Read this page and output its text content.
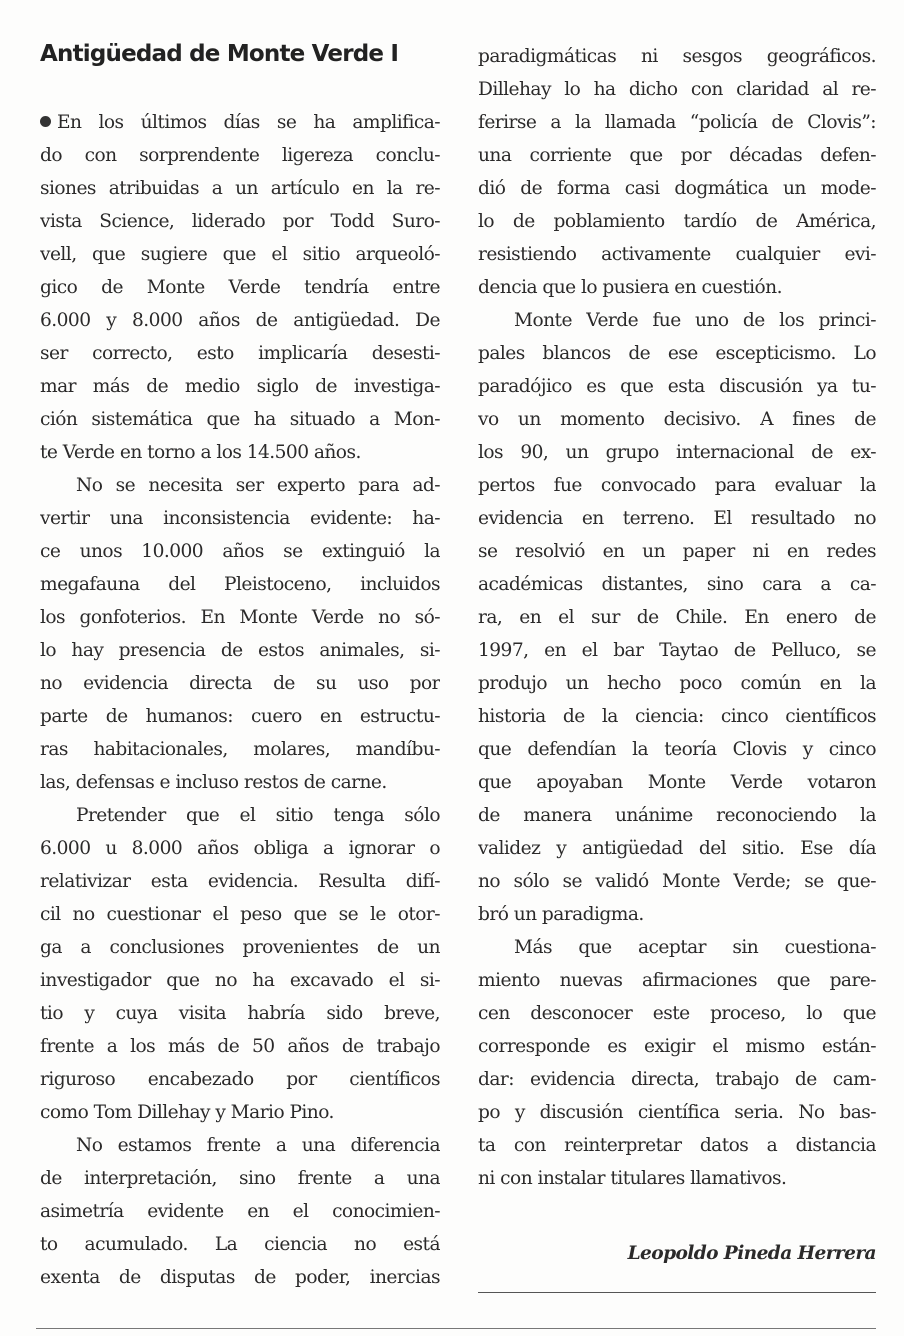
Antigüedad de Monte Verde I
En los últimos días se ha amplifica-
do con sorprendente ligereza conclu-
siones atribuidas a un artículo en la re-
vista Science, liderado por Todd Suro-
vell, que sugiere que el sitio arqueoló-
gico de Monte Verde tendría entre
6.000 y 8.000 años de antigüedad. De
ser correcto, esto implicaría desesti-
mar más de medio siglo de investiga-
ción sistemática que ha situado a Mon-
te Verde en torno a los 14.500 años.
No se necesita ser experto para ad-
vertir una inconsistencia evidente: ha-
ce unos 10.000 años se extinguió la
megafauna del Pleistoceno, incluidos
los gonfoterios. En Monte Verde no só-
lo hay presencia de estos animales, si-
no evidencia directa de su uso por
parte de humanos: cuero en estructu-
ras habitacionales, molares, mandíbu-
las, defensas e incluso restos de carne.
Pretender que el sitio tenga sólo
6.000 u 8.000 años obliga a ignorar o
relativizar esta evidencia. Resulta difí-
cil no cuestionar el peso que se le otor-
ga a conclusiones provenientes de un
investigador que no ha excavado el si-
tio y cuya visita habría sido breve,
frente a los más de 50 años de trabajo
riguroso encabezado por científicos
como Tom Dillehay y Mario Pino.
No estamos frente a una diferencia
de interpretación, sino frente a una
asimetría evidente en el conocimien-
to acumulado. La ciencia no está
exenta de disputas de poder, inercias
paradigmáticas ni sesgos geográficos.
Dillehay lo ha dicho con claridad al re-
ferirse a la llamada “policía de Clovis”:
una corriente que por décadas defen-
dió de forma casi dogmática un mode-
lo de poblamiento tardío de América,
resistiendo activamente cualquier evi-
dencia que lo pusiera en cuestión.
Monte Verde fue uno de los princi-
pales blancos de ese escepticismo. Lo
paradójico es que esta discusión ya tu-
vo un momento decisivo. A fines de
los 90, un grupo internacional de ex-
pertos fue convocado para evaluar la
evidencia en terreno. El resultado no
se resolvió en un paper ni en redes
académicas distantes, sino cara a ca-
ra, en el sur de Chile. En enero de
1997, en el bar Taytao de Pelluco, se
produjo un hecho poco común en la
historia de la ciencia: cinco científicos
que defendían la teoría Clovis y cinco
que apoyaban Monte Verde votaron
de manera unánime reconociendo la
validez y antigüedad del sitio. Ese día
no sólo se validó Monte Verde; se que-
bró un paradigma.
Más que aceptar sin cuestiona-
miento nuevas afirmaciones que pare-
cen desconocer este proceso, lo que
corresponde es exigir el mismo están-
dar: evidencia directa, trabajo de cam-
po y discusión científica seria. No bas-
ta con reinterpretar datos a distancia
ni con instalar titulares llamativos.
Leopoldo Pineda Herrera
